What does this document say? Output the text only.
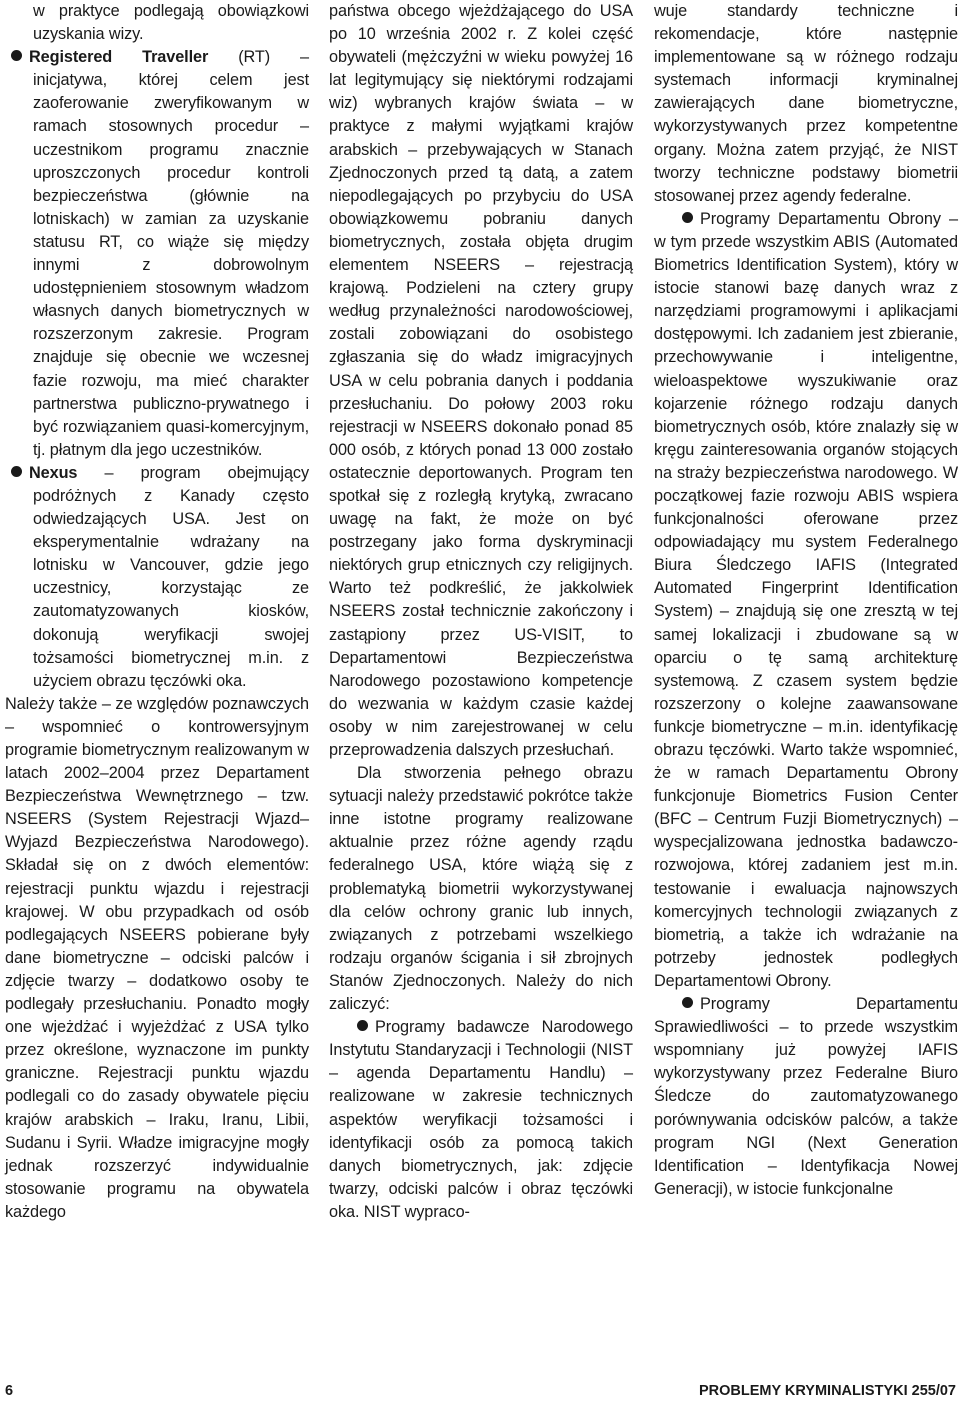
w praktyce podlegają obowiązkowi uzyskania wizy.

Registered Traveller (RT) – inicjatywa, której celem jest zaoferowanie zweryfikowanym w ramach stosownych procedur – uczestnikom programu znacznie uproszczonych procedur kontroli bezpieczeństwa (głównie na lotniskach) w zamian za uzyskanie statusu RT, co wiąże się między innymi z dobrowolnym udostępnieniem stosownym władzom własnych danych biometrycznych w rozszerzonym zakresie. Program znajduje się obecnie we wczesnej fazie rozwoju, ma mieć charakter partnerstwa publiczno-prywatnego i być rozwiązaniem quasi-komercyjnym, tj. płatnym dla jego uczestników.

Nexus – program obejmujący podróżnych z Kanady często odwiedzających USA. Jest on eksperymentalnie wdrażany na lotnisku w Vancouver, gdzie jego uczestnicy, korzystając ze zautomatyzowanych kiosków, dokonują weryfikacji swojej tożsamości biometrycznej m.in. z użyciem obrazu tęczówki oka.

Należy także – ze względów poznawczych – wspomnieć o kontrowersyjnym programie biometrycznym realizowanym w latach 2002–2004 przez Departament Bezpieczeństwa Wewnętrznego – tzw. NSEERS (System Rejestracji Wjazd–Wyjazd Bezpieczeństwa Narodowego). Składał się on z dwóch elementów: rejestracji punktu wjazdu i rejestracji krajowej. W obu przypadkach od osób podlegających NSEERS pobierane były dane biometryczne – odciski palców i zdjęcie twarzy – dodatkowo osoby te podlegały przesłuchaniu. Ponadto mogły one wjeżdżać i wyjeżdżać z USA tylko przez określone, wyznaczone im punkty graniczne. Rejestracji punktu wjazdu podlegali co do zasady obywatele pięciu krajów arabskich – Iraku, Iranu, Libii, Sudanu i Syrii. Władze imigracyjne mogły jednak rozszerzyć indywidualnie stosowanie programu na obywatela każdego

państwa obcego wjeżdżającego do USA po 10 września 2002 r. Z kolei część obywateli (mężczyźni w wieku powyżej 16 lat legitymujący się niektórymi rodzajami wiz) wybranych krajów świata – w praktyce z małymi wyjątkami krajów arabskich – przebywających w Stanach Zjednoczonych przed tą datą, a zatem niepodlegających po przybyciu do USA obowiązkowemu pobraniu danych biometrycznych, została objęta drugim elementem NSEERS – rejestracją krajową. Podzieleni na cztery grupy według przynależności narodowościowej, zostali zobowiązani do osobistego zgłaszania się do władz imigracyjnych USA w celu pobrania danych i poddania przesłuchaniu. Do połowy 2003 roku rejestracji w NSEERS dokonało ponad 85 000 osób, z których ponad 13 000 zostało ostatecznie deportowanych. Program ten spotkał się z rozległą krytyką, zwracano uwagę na fakt, że może on być postrzegany jako forma dyskryminacji niektórych grup etnicznych czy religijnych. Warto też podkreślić, że jakkolwiek NSEERS został technicznie zakończony i zastąpiony przez US-VISIT, to Departamentowi Bezpieczeństwa Narodowego pozostawiono kompetencje do wezwania w każdym czasie każdej osoby w nim zarejestrowanej w celu przeprowadzenia dalszych przesłuchań.

Dla stworzenia pełnego obrazu sytuacji należy przedstawić pokrótce także inne istotne programy realizowane aktualnie przez różne agendy rządu federalnego USA, które wiążą się z problematyką biometrii wykorzystywanej dla celów ochrony granic lub innych, związanych z potrzebami wszelkiego rodzaju organów ścigania i sił zbrojnych Stanów Zjednoczonych. Należy do nich zaliczyć:

Programy badawcze Narodowego Instytutu Standaryzacji i Technologii (NIST – agenda Departamentu Handlu) – realizowane w zakresie technicznych aspektów weryfikacji tożsamości i identyfikacji osób za pomocą takich danych biometrycznych, jak: zdjęcie twarzy, odciski palców i obraz tęczówki oka. NIST wypraco-

wuje standardy techniczne i rekomendacje, które następnie implementowane są w różnego rodzaju systemach informacji kryminalnej zawierających dane biometryczne, wykorzystywanych przez kompetentne organy. Można zatem przyjąć, że NIST tworzy techniczne podstawy biometrii stosowanej przez agendy federalne.

Programy Departamentu Obrony – w tym przede wszystkim ABIS (Automated Biometrics Identification System), który w istocie stanowi bazę danych wraz z narzędziami programowymi i aplikacjami dostępowymi. Ich zadaniem jest zbieranie, przechowywanie i inteligentne, wieloaspektowe wyszukiwanie oraz kojarzenie różnego rodzaju danych biometrycznych osób, które znalazły się w kręgu zainteresowania organów stojących na straży bezpieczeństwa narodowego. W początkowej fazie rozwoju ABIS wspiera funkcjonalności oferowane przez odpowiadający mu system Federalnego Biura Śledczego IAFIS (Integrated Automated Fingerprint Identification System) – znajdują się one zresztą w tej samej lokalizacji i zbudowane są w oparciu o tę samą architekturę systemową. Z czasem system będzie rozszerzony o kolejne zaawansowane funkcje biometryczne – m.in. identyfikację obrazu tęczówki. Warto także wspomnieć, że w ramach Departamentu Obrony funkcjonuje Biometrics Fusion Center (BFC – Centrum Fuzji Biometrycznych) – wyspecjalizowana jednostka badawczo-rozwojowa, której zadaniem jest m.in. testowanie i ewaluacja najnowszych komercyjnych technologii związanych z biometrią, a także ich wdrażanie na potrzeby jednostek podległych Departamentowi Obrony.

Programy Departamentu Sprawiedliwości – to przede wszystkim wspomniany już powyżej IAFIS wykorzystywany przez Federalne Biuro Śledcze do zautomatyzowanego porównywania odcisków palców, a także program NGI (Next Generation Identification – Identyfikacja Nowej Generacji), w istocie funkcjonalne

6	PROBLEMY KRYMINALISTYKI 255/07
